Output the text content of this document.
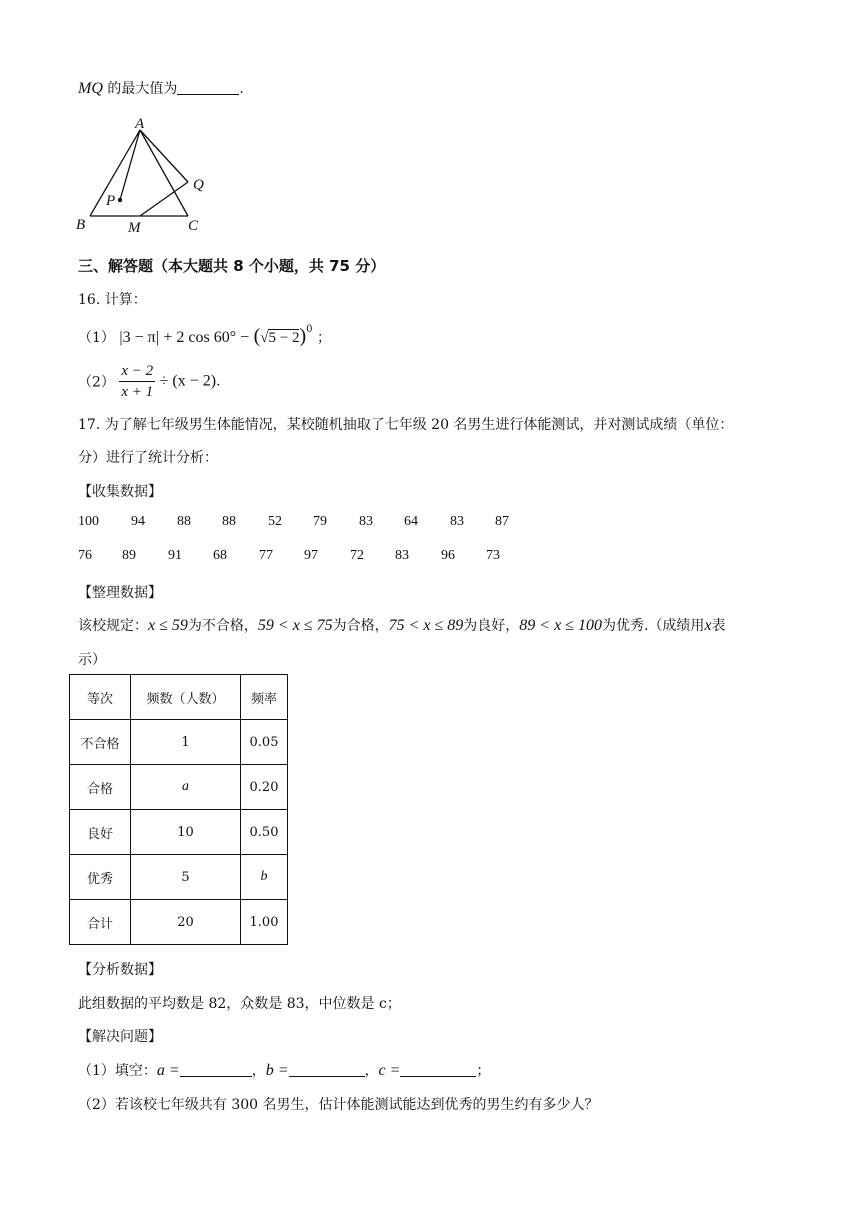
MQ 的最大值为	.
A
B	C
P
M
Q
三、解答题（本大题共 8 个小题，共 75 分）
16. 计算：
（1） |3 − π| + 2 $\cos 60^\circ - (√5 - 2)^0$ ；
$(2) \frac{x - 2}{x + 1} \div (x - 2)$.
17. 为了解七年级男生体能情况，某校随机抽取了七年级 20 名男生进行体能测试，并对测试成绩（单位：
分）进行了统计分析：
【收集数据】
100 94 88 88 52 79 83 64 83 87
76 89 91 68 77 97 72 83 96 73
【整理数据】
该校规定：x ≤ 59为不合格，59 < x ≤ 75为合格，75 < x ≤ 89为良好，89 < x ≤ 100为优秀.（成绩用x表
示）
等次	频数（人数）	频率
不合格	1	0.05
合格	a	0.20
良好	10	0.50
优秀	5	b
合计	20	1.00
【分析数据】
此组数据的平均数是 82，众数是 83，中位数是 c；
【解决问题】
（1）填空：a =	，b =	，c =	；
（2）若该校七年级共有 300 名男生，估计体能测试能达到优秀的男生约有多少人？
